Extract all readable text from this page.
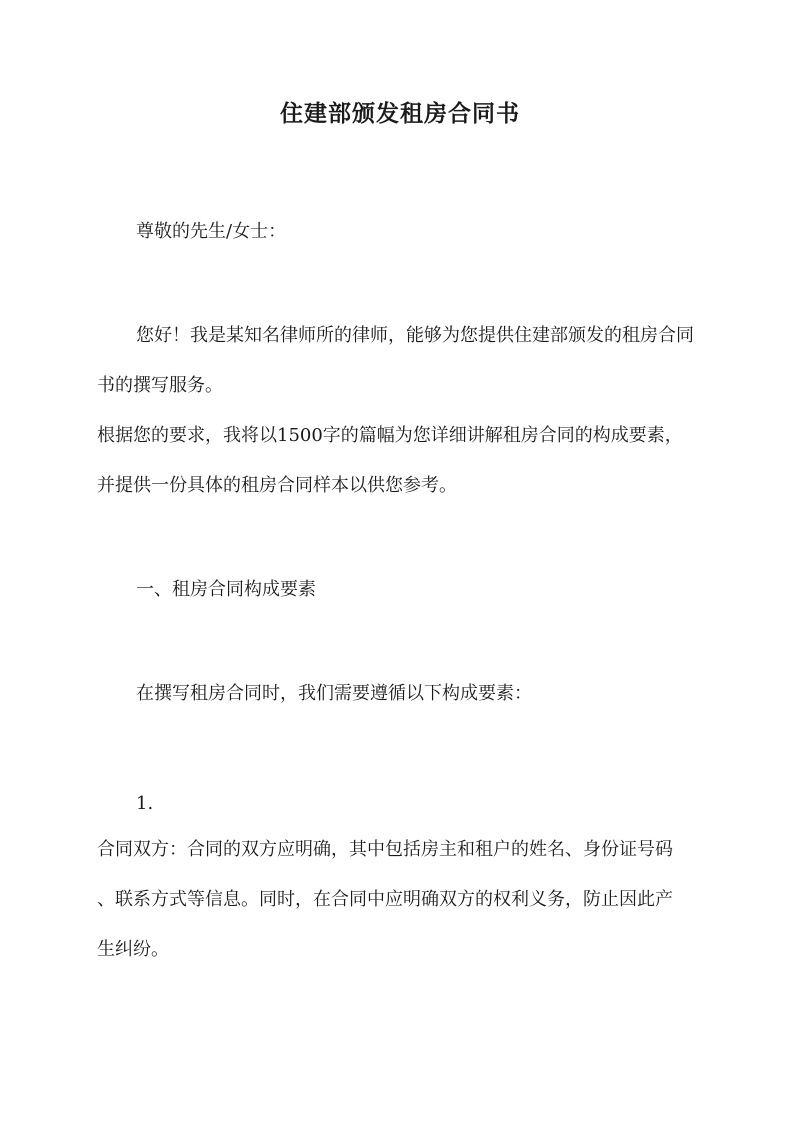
住建部颁发租房合同书
尊敬的先生/女士：
您好！我是某知名律师所的律师，能够为您提供住建部颁发的租房合同
书的撰写服务。
根据您的要求，我将以1500字的篇幅为您详细讲解租房合同的构成要素，
并提供一份具体的租房合同样本以供您参考。
一、租房合同构成要素
在撰写租房合同时，我们需要遵循以下构成要素：
1.
合同双方：合同的双方应明确，其中包括房主和租户的姓名、身份证号码
、联系方式等信息。同时，在合同中应明确双方的权利义务，防止因此产
生纠纷。
